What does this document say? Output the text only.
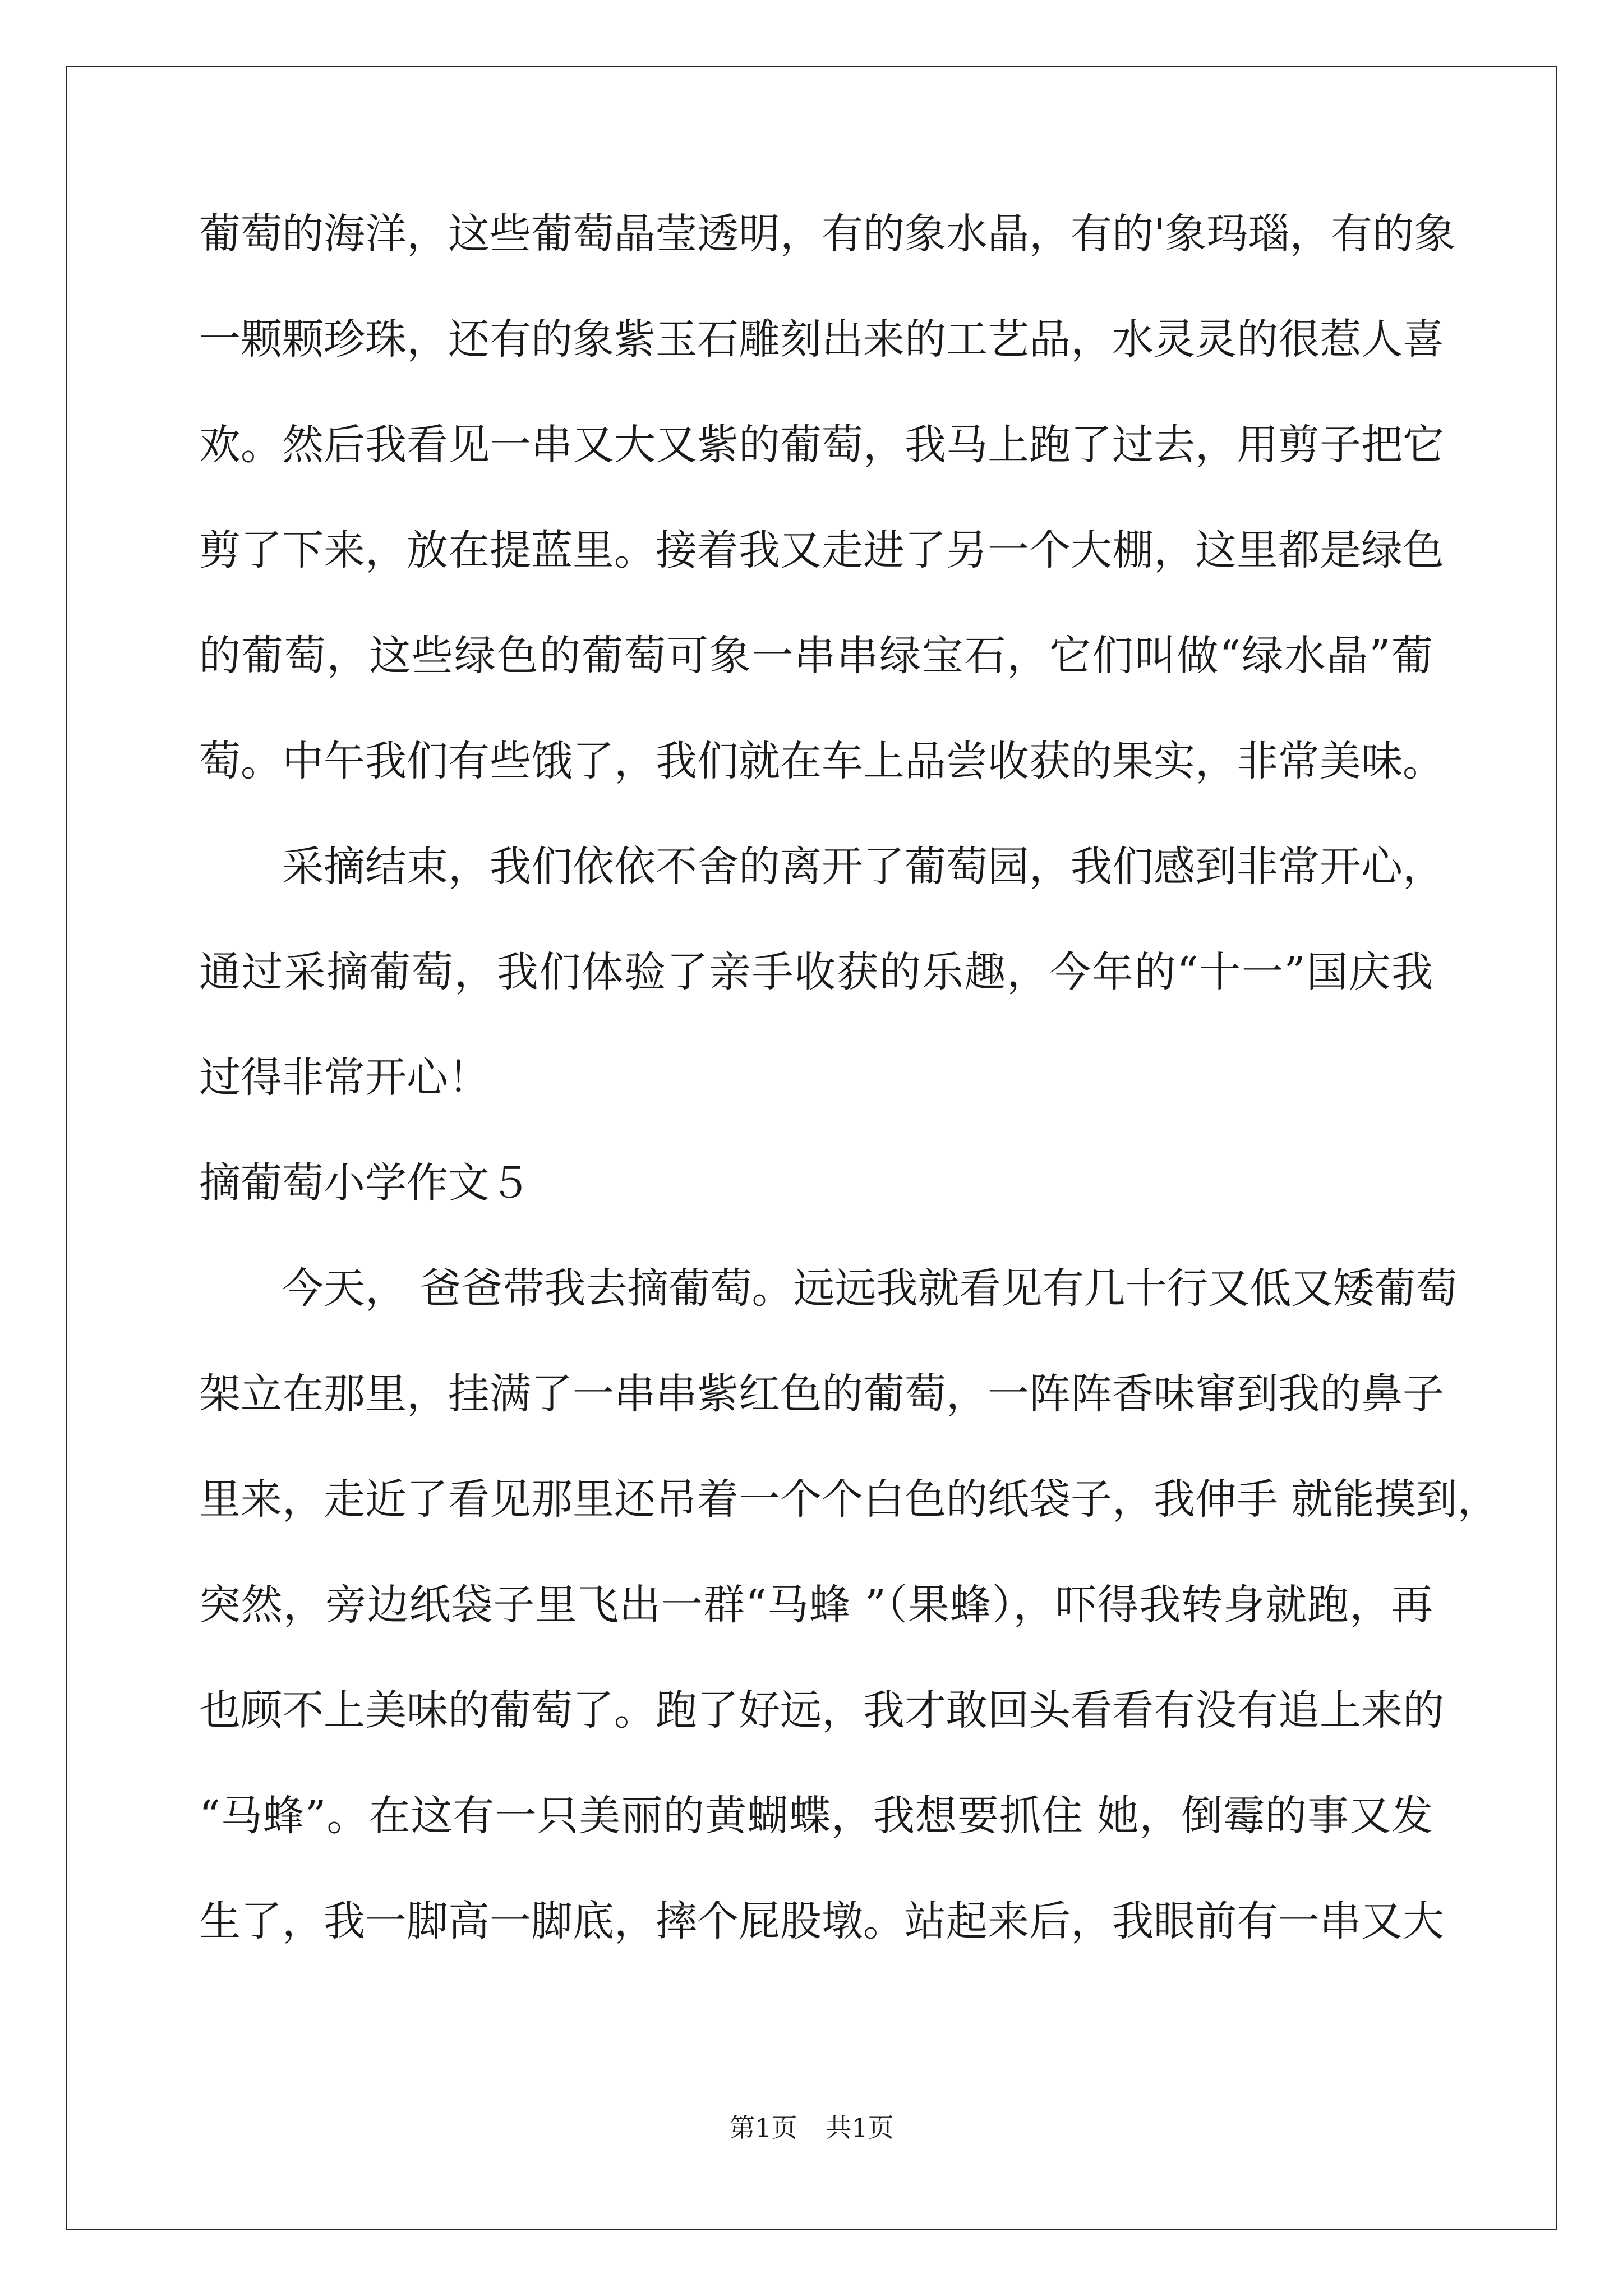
葡萄的海洋，这些葡萄晶莹透明，有的象水晶，有的'象玛瑙，有的象
一颗颗珍珠，还有的象紫玉石雕刻出来的工艺品，水灵灵的很惹人喜
欢。然后我看见一串又大又紫的葡萄，我马上跑了过去，用剪子把它
剪了下来，放在提蓝里。接着我又走进了另一个大棚，这里都是绿色
的葡萄，这些绿色的葡萄可象一串串绿宝石，它们叫做“绿水晶”葡
萄。中午我们有些饿了，我们就在车上品尝收获的果实，非常美味。
采摘结束，我们依依不舍的离开了葡萄园，我们感到非常开心，
通过采摘葡萄，我们体验了亲手收获的乐趣，今年的“十一”国庆我
过得非常开心！
摘葡萄小学作文５
今天， 爸爸带我去摘葡萄。远远我就看见有几十行又低又矮葡萄
架立在那里，挂满了一串串紫红色的葡萄，一阵阵香味窜到我的鼻子
里来，走近了看见那里还吊着一个个白色的纸袋子，我伸手 就能摸到，
突然，旁边纸袋子里飞出一群“马蜂 ”（果蜂），吓得我转身就跑，再
也顾不上美味的葡萄了。跑了好远，我才敢回头看看有没有追上来的
“马蜂”。在这有一只美丽的黄蝴蝶，我想要抓住 她，倒霉的事又发
生了，我一脚高一脚底，摔个屁股墩。站起来后，我眼前有一串又大
第1页 共1页
